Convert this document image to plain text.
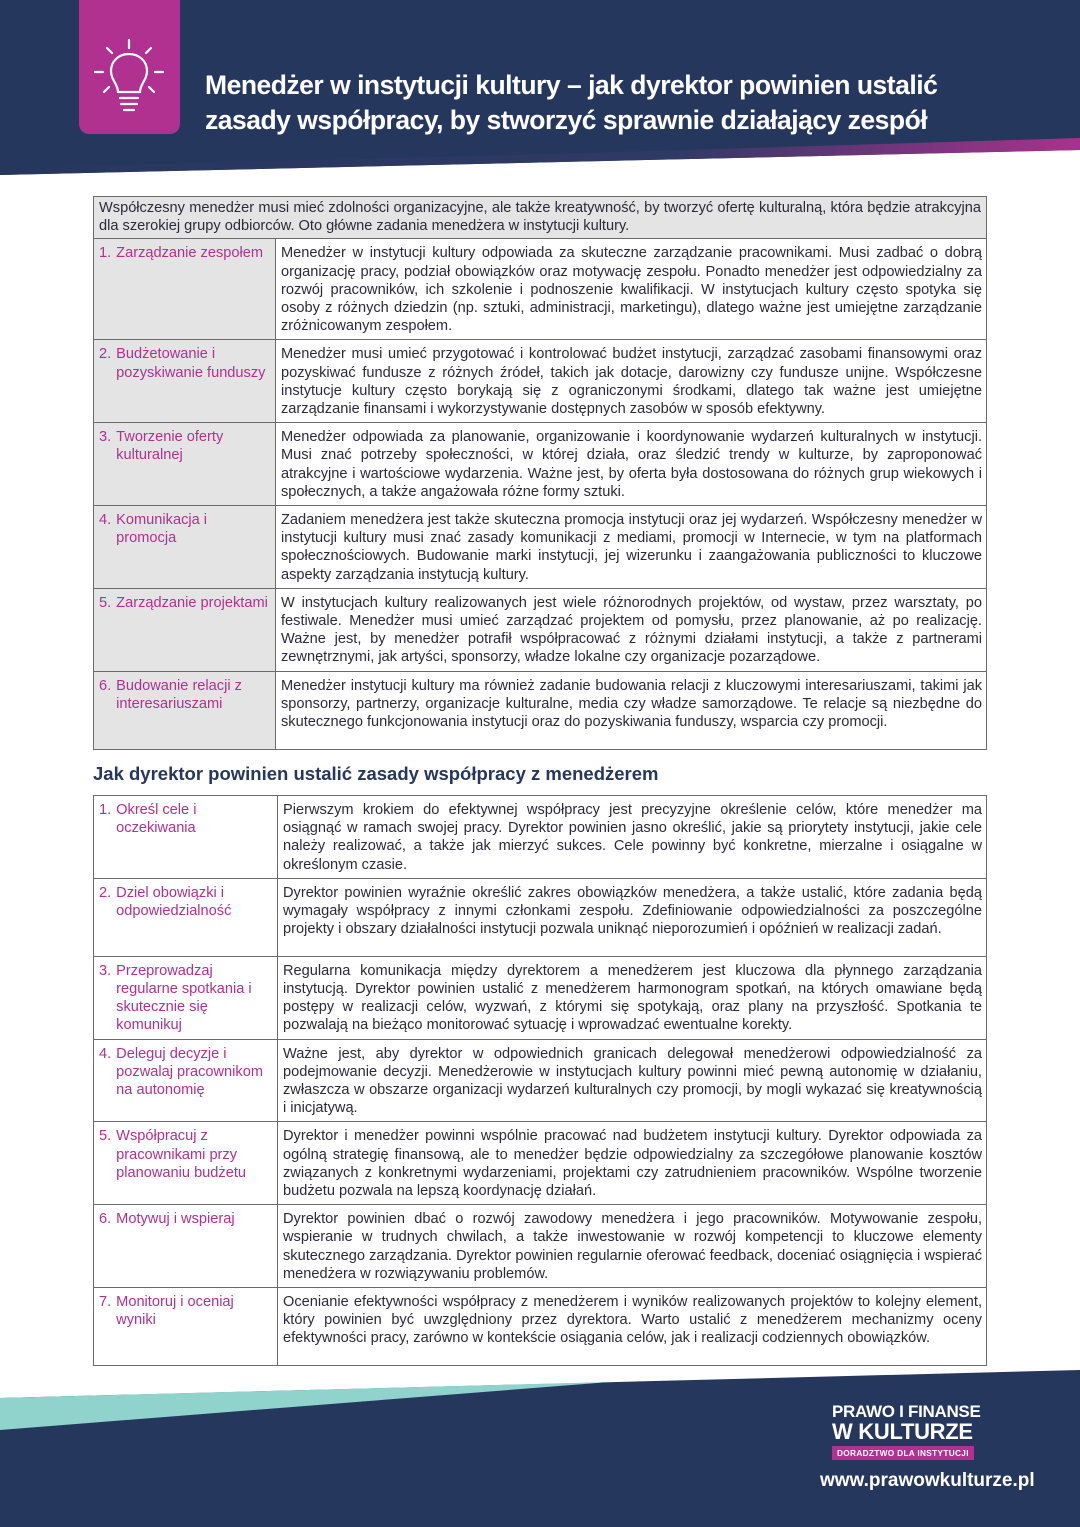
Menedżer w instytucji kultury – jak dyrektor powinien ustalić
zasady współpracy, by stworzyć sprawnie działający zespół
Współczesny menedżer musi mieć zdolności organizacyjne, ale także kreatywność, by tworzyć ofertę kulturalną, która będzie atrakcyjna dla szerokiej grupy odbiorców. Oto główne zadania menedżera w instytucji kultury.	

1. Zarządzanie zespołem	Menedżer w instytucji kultury odpowiada za skuteczne zarządzanie pracownikami. Musi zadbać o dobrą organizację pracy, podział obowiązków oraz motywację zespołu. Ponadto menedżer jest odpowiedzialny za rozwój pracowników, ich szkolenie i podnoszenie kwalifikacji. W instytucjach kultury często spotyka się osoby z różnych dziedzin (np. sztuki, administracji, marketingu), dlatego ważne jest umiejętne zarządzanie zróżnicowanym zespołem.

2. Budżetowanie i pozyskiwanie funduszy	Menedżer musi umieć przygotować i kontrolować budżet instytucji, zarządzać zasobami finansowymi oraz pozyskiwać fundusze z różnych źródeł, takich jak dotacje, darowizny czy fundusze unijne. Współczesne instytucje kultury często borykają się z ograniczonymi środkami, dlatego tak ważne jest umiejętne zarządzanie finansami i wykorzystywanie dostępnych zasobów w sposób efektywny.

3. Tworzenie oferty kulturalnej	Menedżer odpowiada za planowanie, organizowanie i koordynowanie wydarzeń kulturalnych w instytucji. Musi znać potrzeby społeczności, w której działa, oraz śledzić trendy w kulturze, by zaproponować atrakcyjne i wartościowe wydarzenia. Ważne jest, by oferta była dostosowana do różnych grup wiekowych i społecznych, a także angażowała różne formy sztuki.

4. Komunikacja i promocja	Zadaniem menedżera jest także skuteczna promocja instytucji oraz jej wydarzeń. Współczesny menedżer w instytucji kultury musi znać zasady komunikacji z mediami, promocji w Internecie, w tym na platformach społecznościowych. Budowanie marki instytucji, jej wizerunku i zaangażowania publiczności to kluczowe aspekty zarządzania instytucją kultury.

5. Zarządzanie projektami	W instytucjach kultury realizowanych jest wiele różnorodnych projektów, od wystaw, przez warsztaty, po festiwale. Menedżer musi umieć zarządzać projektem od pomysłu, przez planowanie, aż po realizację. Ważne jest, by menedżer potrafił współpracować z różnymi działami instytucji, a także z partnerami zewnętrznymi, jak artyści, sponsorzy, władze lokalne czy organizacje pozarządowe.

6. Budowanie relacji z interesariuszami	Menedżer instytucji kultury ma również zadanie budowania relacji z kluczowymi interesariuszami, takimi jak sponsorzy, partnerzy, organizacje kulturalne, media czy władze samorządowe. Te relacje są niezbędne do skutecznego funkcjonowania instytucji oraz do pozyskiwania funduszy, wsparcia czy promocji.
Jak dyrektor powinien ustalić zasady współpracy z menedżerem
1. Określ cele i oczekiwania	Pierwszym krokiem do efektywnej współpracy jest precyzyjne określenie celów, które menedżer ma osiągnąć w ramach swojej pracy. Dyrektor powinien jasno określić, jakie są priorytety instytucji, jakie cele należy realizować, a także jak mierzyć sukces. Cele powinny być konkretne, mierzalne i osiągalne w określonym czasie.

2. Dziel obowiązki i odpowiedzialność	Dyrektor powinien wyraźnie określić zakres obowiązków menedżera, a także ustalić, które zadania będą wymagały współpracy z innymi członkami zespołu. Zdefiniowanie odpowiedzialności za poszczególne projekty i obszary działalności instytucji pozwala uniknąć nieporozumień i opóźnień w realizacji zadań.

3. Przeprowadzaj regularne spotkania i skutecznie się komunikuj	Regularna komunikacja między dyrektorem a menedżerem jest kluczowa dla płynnego zarządzania instytucją. Dyrektor powinien ustalić z menedżerem harmonogram spotkań, na których omawiane będą postępy w realizacji celów, wyzwań, z którymi się spotykają, oraz plany na przyszłość. Spotkania te pozwalają na bieżąco monitorować sytuację i wprowadzać ewentualne korekty.

4. Deleguj decyzje i pozwalaj pracownikom na autonomię	Ważne jest, aby dyrektor w odpowiednich granicach delegował menedżerowi odpowiedzialność za podejmowanie decyzji. Menedżerowie w instytucjach kultury powinni mieć pewną autonomię w działaniu, zwłaszcza w obszarze organizacji wydarzeń kulturalnych czy promocji, by mogli wykazać się kreatywnością i inicjatywą.

5. Współpracuj z pracownikami przy planowaniu budżetu	Dyrektor i menedżer powinni wspólnie pracować nad budżetem instytucji kultury. Dyrektor odpowiada za ogólną strategię finansową, ale to menedżer będzie odpowiedzialny za szczegółowe planowanie kosztów związanych z konkretnymi wydarzeniami, projektami czy zatrudnieniem pracowników. Wspólne tworzenie budżetu pozwala na lepszą koordynację działań.

6. Motywuj i wspieraj	Dyrektor powinien dbać o rozwój zawodowy menedżera i jego pracowników. Motywowanie zespołu, wspieranie w trudnych chwilach, a także inwestowanie w rozwój kompetencji to kluczowe elementy skutecznego zarządzania. Dyrektor powinien regularnie oferować feedback, doceniać osiągnięcia i wspierać menedżera w rozwiązywaniu problemów.

7. Monitoruj i oceniaj wyniki	Ocenianie efektywności współpracy z menedżerem i wyników realizowanych projektów to kolejny element, który powinien być uwzględniony przez dyrektora. Warto ustalić z menedżerem mechanizmy oceny efektywności pracy, zarówno w kontekście osiągania celów, jak i realizacji codziennych obowiązków.
PRAWO I FINANSE
W KULTURZE
DORADZTWO DLA INSTYTUCJI
www.prawowkulturze.pl
